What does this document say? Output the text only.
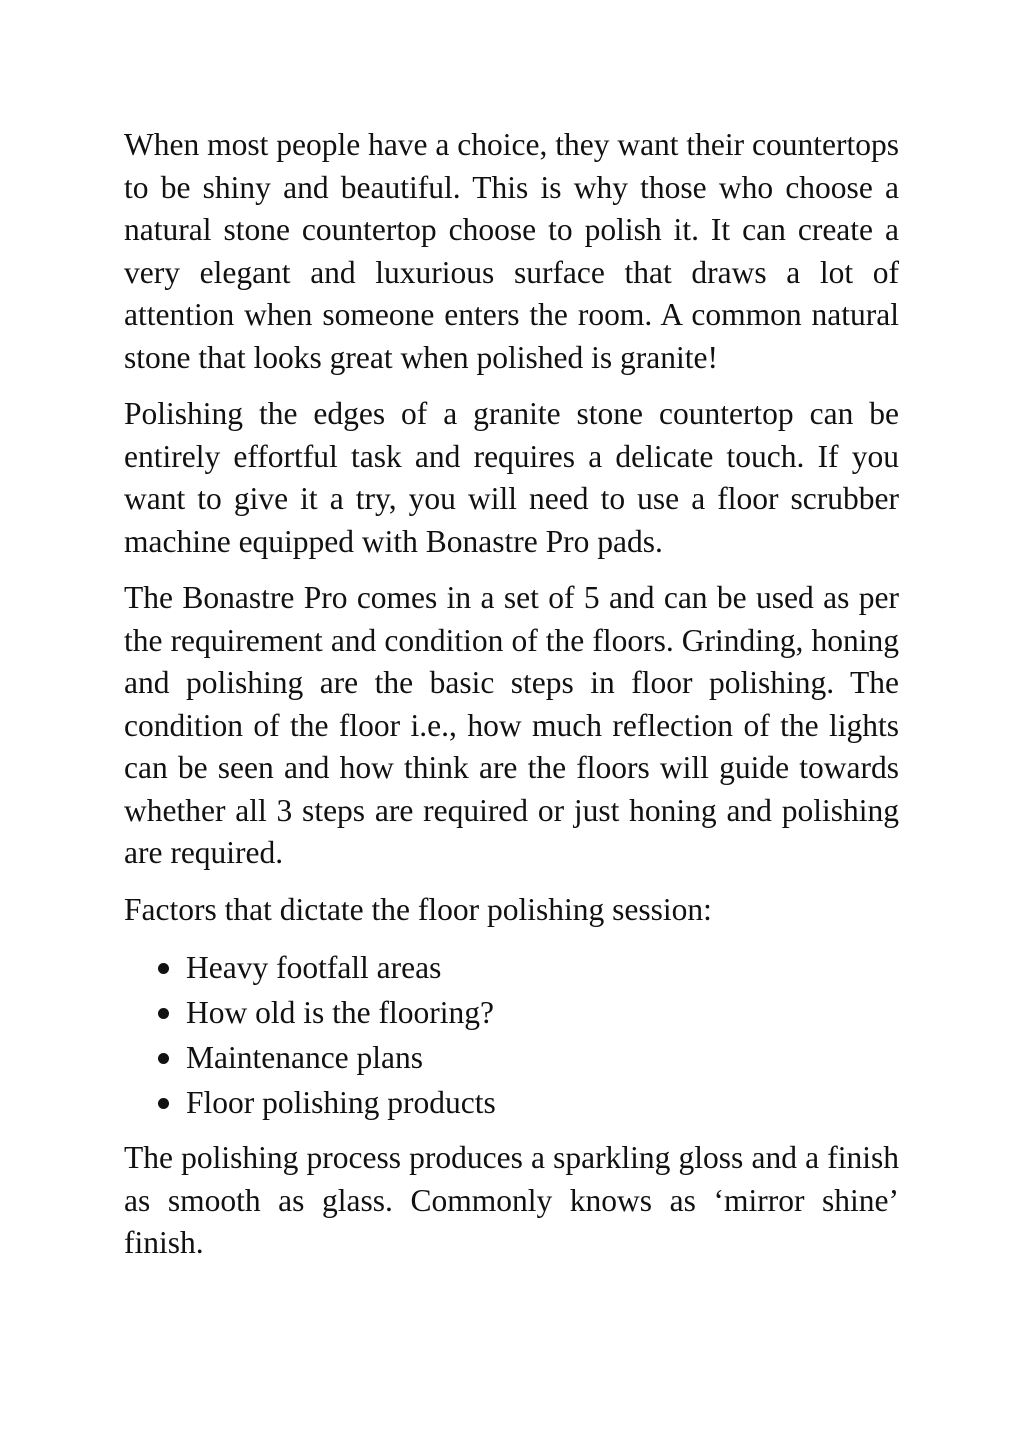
When most people have a choice, they want their countertops to be shiny and beautiful. This is why those who choose a natural stone countertop choose to polish it. It can create a very elegant and luxurious surface that draws a lot of attention when someone enters the room. A common natural stone that looks great when polished is granite!

Polishing the edges of a granite stone countertop can be entirely effortful task and requires a delicate touch. If you want to give it a try, you will need to use a floor scrubber machine equipped with Bonastre Pro pads.

The Bonastre Pro comes in a set of 5 and can be used as per the requirement and condition of the floors. Grinding, honing and polishing are the basic steps in floor polishing. The condition of the floor i.e., how much reflection of the lights can be seen and how think are the floors will guide towards whether all 3 steps are required or just honing and polishing are required.

Factors that dictate the floor polishing session:

Heavy footfall areas
How old is the flooring?
Maintenance plans
Floor polishing products

The polishing process produces a sparkling gloss and a finish as smooth as glass. Commonly knows as ‘mirror shine’ finish.
